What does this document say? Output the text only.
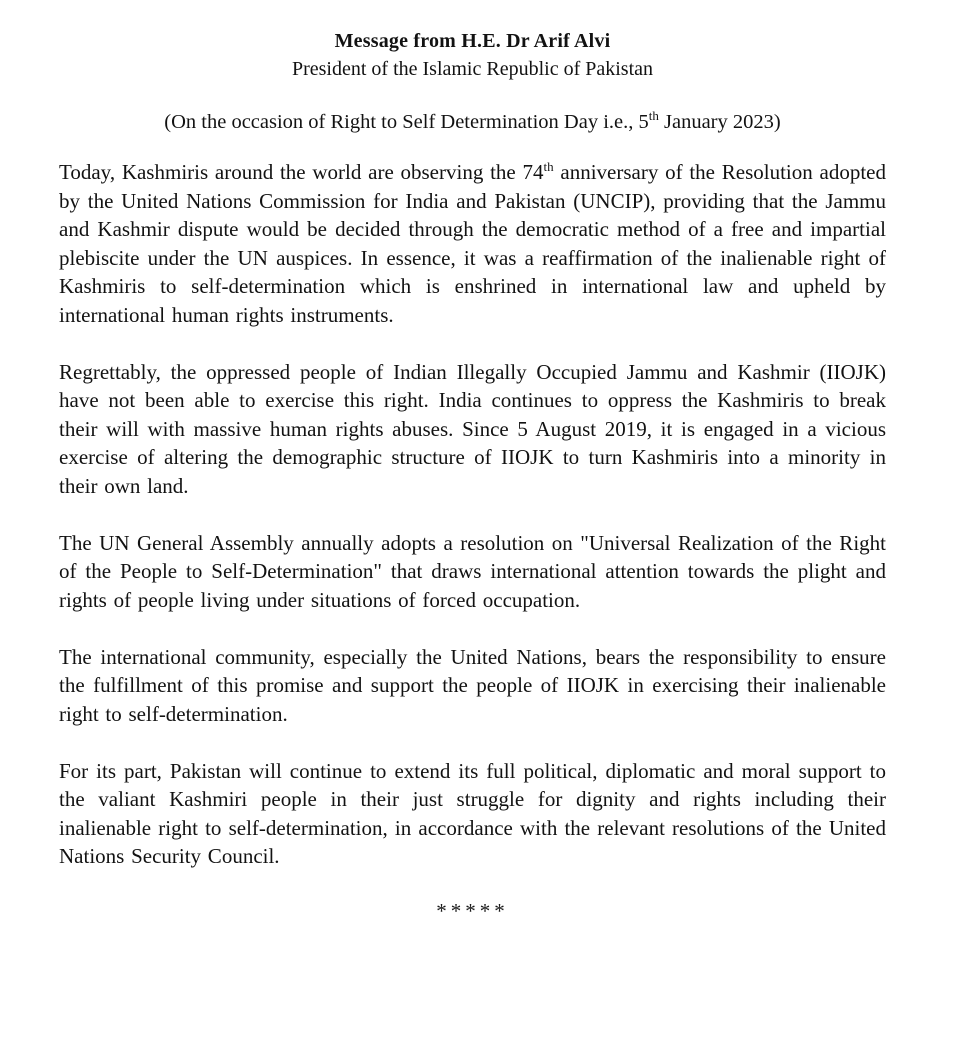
Message from H.E. Dr Arif Alvi
President of the Islamic Republic of Pakistan
(On the occasion of Right to Self Determination Day i.e., 5th January 2023)

Today, Kashmiris around the world are observing the 74th anniversary of the Resolution adopted by the United Nations Commission for India and Pakistan (UNCIP), providing that the Jammu and Kashmir dispute would be decided through the democratic method of a free and impartial plebiscite under the UN auspices. In essence, it was a reaffirmation of the inalienable right of Kashmiris to self-determination which is enshrined in international law and upheld by international human rights instruments.

Regrettably, the oppressed people of Indian Illegally Occupied Jammu and Kashmir (IIOJK) have not been able to exercise this right. India continues to oppress the Kashmiris to break their will with massive human rights abuses. Since 5 August 2019, it is engaged in a vicious exercise of altering the demographic structure of IIOJK to turn Kashmiris into a minority in their own land.

The UN General Assembly annually adopts a resolution on "Universal Realization of the Right of the People to Self-Determination" that draws international attention towards the plight and rights of people living under situations of forced occupation.

The international community, especially the United Nations, bears the responsibility to ensure the fulfillment of this promise and support the people of IIOJK in exercising their inalienable right to self-determination.

For its part, Pakistan will continue to extend its full political, diplomatic and moral support to the valiant Kashmiri people in their just struggle for dignity and rights including their inalienable right to self-determination, in accordance with the relevant resolutions of the United Nations Security Council.

*****
